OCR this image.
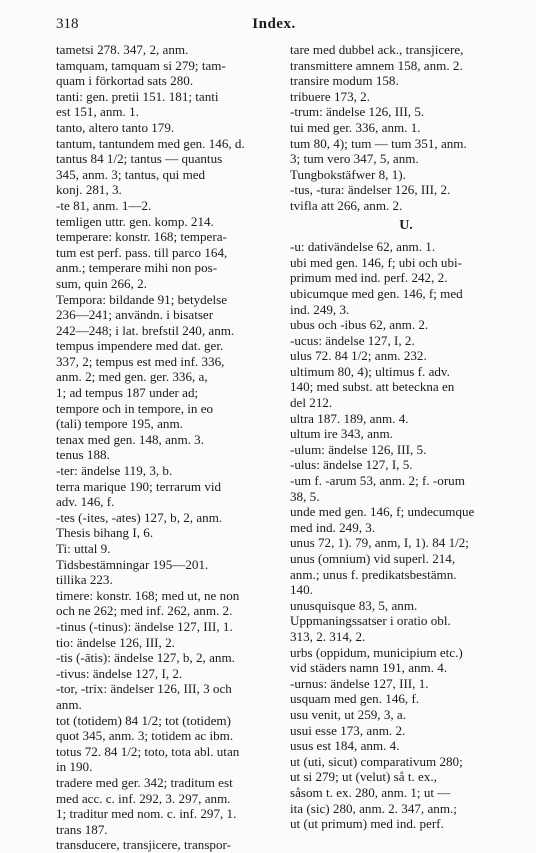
318	Index.

tametsi 278. 347, 2, anm.

tamquam, tamquam si 279; tam-

quam i förkortad sats 280.

tanti: gen. pretii 151. 181; tanti

est 151, anm. 1.

tanto, altero tanto 179.

tantum, tantundem med gen. 146, d.

tantus 84 1/2; tantus — quantus

345, anm. 3; tantus, qui med

konj. 281, 3.

-te 81, anm. 1—2.

temligen uttr. gen. komp. 214.

temperare: konstr. 168; tempera-

tum est perf. pass. till parco 164,

anm.; temperare mihi non pos-

sum, quin 266, 2.

Tempora: bildande 91; betydelse

236—241; användn. i bisatser

242—248; i lat. brefstil 240, anm.

tempus impendere med dat. ger.

337, 2; tempus est med inf. 336,

anm. 2; med gen. ger. 336, a,

1; ad tempus 187 under ad;

tempore och in tempore, in eo

(tali) tempore 195, anm.

tenax med gen. 148, anm. 3.

tenus 188.

-ter: ändelse 119, 3, b.

terra marique 190; terrarum vid

adv. 146, f.

-tes (-ites, -ates) 127, b, 2, anm.

Thesis bihang I, 6.

Ti: uttal 9.

Tidsbestämningar 195—201.

tillika 223.

timere: konstr. 168; med ut, ne non

och ne 262; med inf. 262, anm. 2.

-tinus (-tinus): ändelse 127, III, 1.

tio: ändelse 126, III, 2.

-tis (-ātis): ändelse 127, b, 2, anm.

-tivus: ändelse 127, I, 2.

-tor, -trix: ändelser 126, III, 3 och

anm.

tot (totidem) 84 1/2; tot (totidem)

quot 345, anm. 3; totidem ac ibm.

totus 72. 84 1/2; toto, tota abl. utan

in 190.

tradere med ger. 342; traditum est

med acc. c. inf. 292, 3. 297, anm.

1; traditur med nom. c. inf. 297, 1.

trans 187.

transducere, transjicere, transpor-

tare med dubbel ack., transjicere,

transmittere amnem 158, anm. 2.

transire modum 158.

tribuere 173, 2.

-trum: ändelse 126, III, 5.

tui med ger. 336, anm. 1.

tum 80, 4); tum — tum 351, anm.

3; tum vero 347, 5, anm.

Tungbokstäfwer 8, 1).

-tus, -tura: ändelser 126, III, 2.

tvifla att 266, anm. 2.

U.

-u: dativändelse 62, anm. 1.

ubi med gen. 146, f; ubi och ubi-

primum med ind. perf. 242, 2.

ubicumque med gen. 146, f; med

ind. 249, 3.

ubus och -ibus 62, anm. 2.

-ucus: ändelse 127, I, 2.

ulus 72. 84 1/2; anm. 232.

ultimum 80, 4); ultimus f. adv.

140; med subst. att beteckna en

del 212.

ultra 187. 189, anm. 4.

ultum ire 343, anm.

-ulum: ändelse 126, III, 5.

-ulus: ändelse 127, I, 5.

-um f. -arum 53, anm. 2; f. -orum

38, 5.

unde med gen. 146, f; undecumque

med ind. 249, 3.

unus 72, 1). 79, anm, I, 1). 84 1/2;

unus (omnium) vid superl. 214,

anm.; unus f. predikatsbestämn.

140.

unusquisque 83, 5, anm.

Uppmaningssatser i oratio obl.

313, 2. 314, 2.

urbs (oppidum, municipium etc.)

vid städers namn 191, anm. 4.

-urnus: ändelse 127, III, 1.

usquam med gen. 146, f.

usu venit, ut 259, 3, a.

usui esse 173, anm. 2.

usus est 184, anm. 4.

ut (uti, sicut) comparativum 280;

ut si 279; ut (velut) så t. ex.,

såsom t. ex. 280, anm. 1; ut —

ita (sic) 280, anm. 2. 347, anm.;

ut (ut primum) med ind. perf.
